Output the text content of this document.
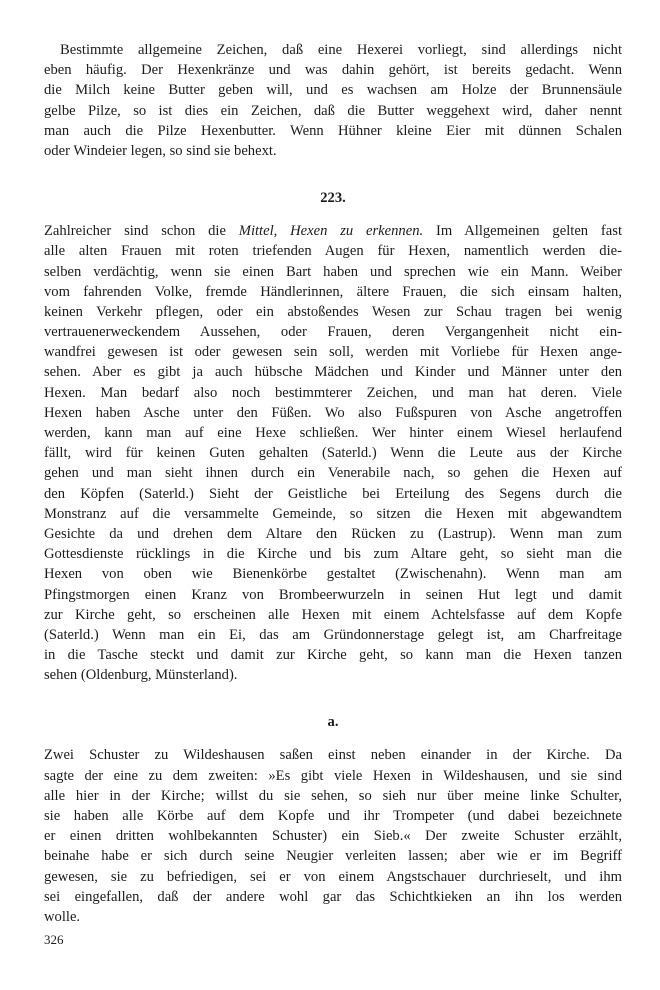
Bestimmte allgemeine Zeichen, daß eine Hexerei vorliegt, sind allerdings nicht
eben häufig. Der Hexenkränze und was dahin gehört, ist bereits gedacht. Wenn
die Milch keine Butter geben will, und es wachsen am Holze der Brunnensäule
gelbe Pilze, so ist dies ein Zeichen, daß die Butter weggehext wird, daher nennt
man auch die Pilze Hexenbutter. Wenn Hühner kleine Eier mit dünnen Schalen
oder Windeier legen, so sind sie behext.
223.
Zahlreicher sind schon die Mittel, Hexen zu erkennen. Im Allgemeinen gelten fast
alle alten Frauen mit roten triefenden Augen für Hexen, namentlich werden die-
selben verdächtig, wenn sie einen Bart haben und sprechen wie ein Mann. Weiber
vom fahrenden Volke, fremde Händlerinnen, ältere Frauen, die sich einsam halten,
keinen Verkehr pflegen, oder ein abstoßendes Wesen zur Schau tragen bei wenig
vertrauenerweckendem Aussehen, oder Frauen, deren Vergangenheit nicht ein-
wandfrei gewesen ist oder gewesen sein soll, werden mit Vorliebe für Hexen ange-
sehen. Aber es gibt ja auch hübsche Mädchen und Kinder und Männer unter den
Hexen. Man bedarf also noch bestimmterer Zeichen, und man hat deren. Viele
Hexen haben Asche unter den Füßen. Wo also Fußspuren von Asche angetroffen
werden, kann man auf eine Hexe schließen. Wer hinter einem Wiesel herlaufend
fällt, wird für keinen Guten gehalten (Saterld.) Wenn die Leute aus der Kirche
gehen und man sieht ihnen durch ein Venerabile nach, so gehen die Hexen auf
den Köpfen (Saterld.) Sieht der Geistliche bei Erteilung des Segens durch die
Monstranz auf die versammelte Gemeinde, so sitzen die Hexen mit abgewandtem
Gesichte da und drehen dem Altare den Rücken zu (Lastrup). Wenn man zum
Gottesdienste rücklings in die Kirche und bis zum Altare geht, so sieht man die
Hexen von oben wie Bienenkörbe gestaltet (Zwischenahn). Wenn man am
Pfingstmorgen einen Kranz von Brombeerwurzeln in seinen Hut legt und damit
zur Kirche geht, so erscheinen alle Hexen mit einem Achtelsfasse auf dem Kopfe
(Saterld.) Wenn man ein Ei, das am Gründonnerstage gelegt ist, am Charfreitage
in die Tasche steckt und damit zur Kirche geht, so kann man die Hexen tanzen
sehen (Oldenburg, Münsterland).
a.
Zwei Schuster zu Wildeshausen saßen einst neben einander in der Kirche. Da
sagte der eine zu dem zweiten: »Es gibt viele Hexen in Wildeshausen, und sie sind
alle hier in der Kirche; willst du sie sehen, so sieh nur über meine linke Schulter,
sie haben alle Körbe auf dem Kopfe und ihr Trompeter (und dabei bezeichnete
er einen dritten wohlbekannten Schuster) ein Sieb.« Der zweite Schuster erzählt,
beinahe habe er sich durch seine Neugier verleiten lassen; aber wie er im Begriff
gewesen, sie zu befriedigen, sei er von einem Angstschauer durchrieselt, und ihm
sei eingefallen, daß der andere wohl gar das Schichtkieken an ihn los werden
wolle.
326
